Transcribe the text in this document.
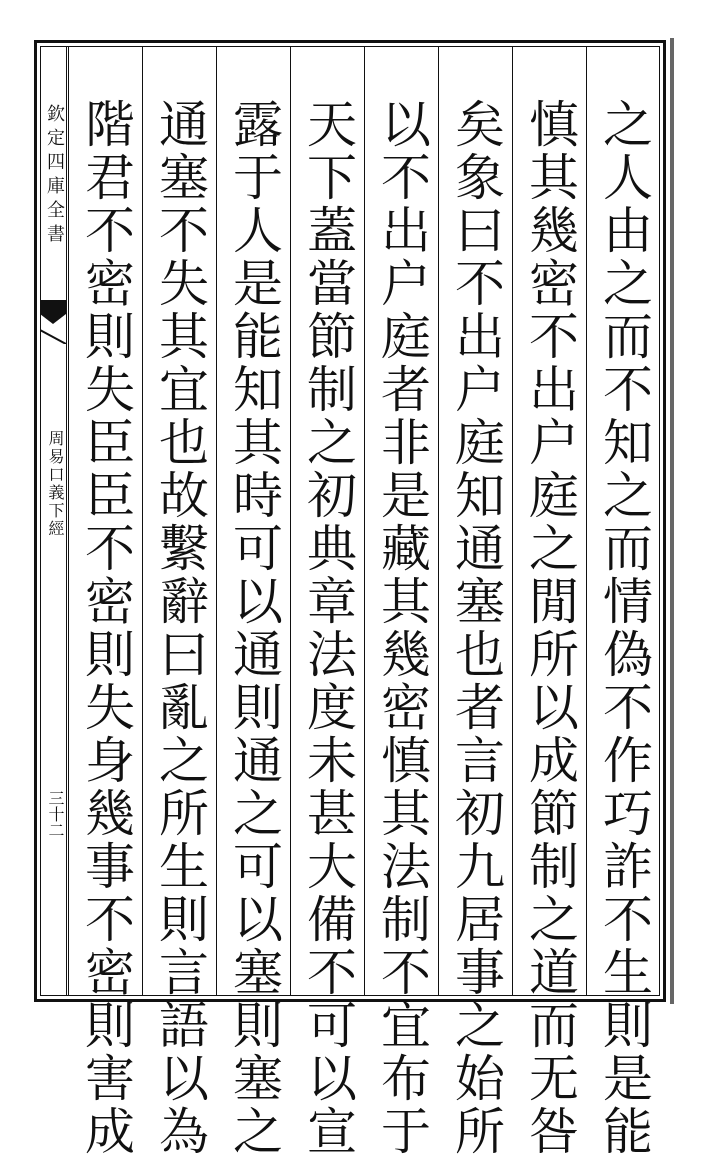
欽定四庫全書
周易口義下經
三十二	之人由之而不知之而情偽不作巧詐不生則是能
慎其幾密不出户庭之閒所以成節制之道而无咎
矣象曰不出户庭知通塞也者言初九居事之始所
以不出户庭者非是藏其幾密慎其法制不宜布于
天下蓋當節制之初典章法度未甚大備不可以宣
露于人是能知其時可以通則通之可以塞則塞之
通塞不失其宜也故繫辭曰亂之所生則言語以為
階君不密則失臣臣不密則失身幾事不密則害成
